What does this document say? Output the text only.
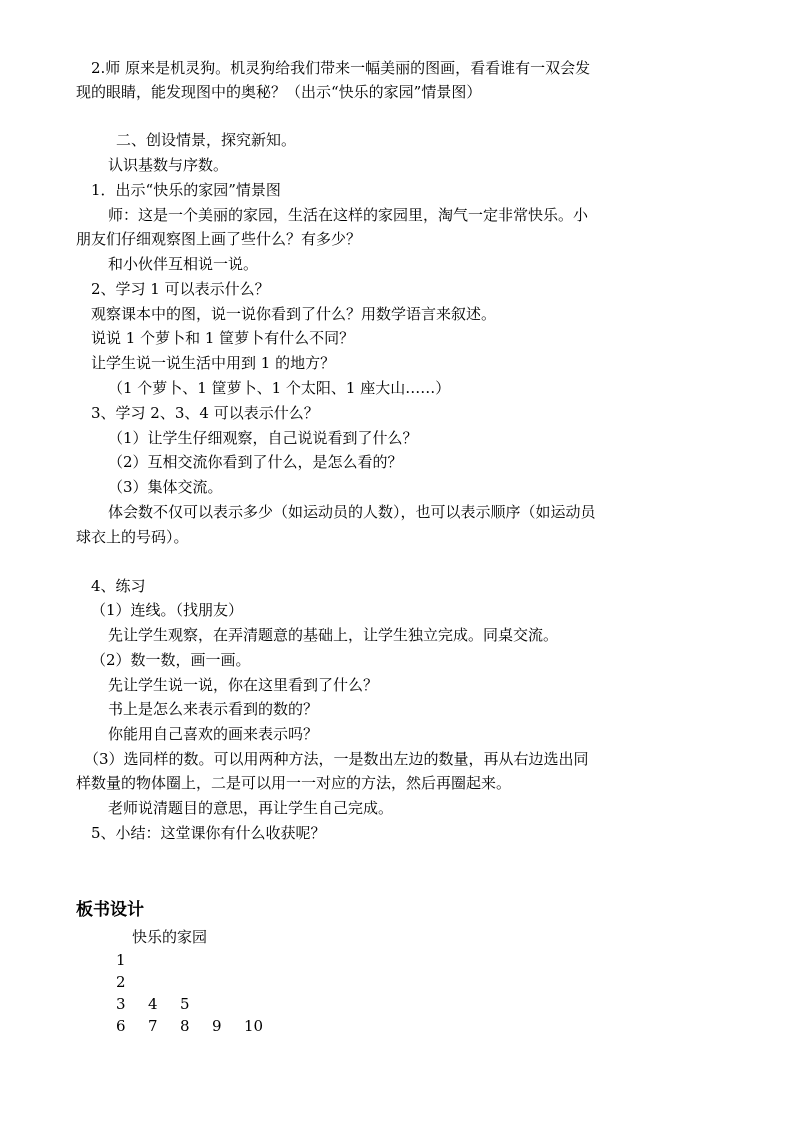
2.师 原来是机灵狗。机灵狗给我们带来一幅美丽的图画，看看谁有一双会发
现的眼睛，能发现图中的奥秘？（出示“快乐的家园”情景图）
二、创设情景，探究新知。
认识基数与序数。
1．出示“快乐的家园”情景图
师：这是一个美丽的家园，生活在这样的家园里，淘气一定非常快乐。小
朋友们仔细观察图上画了些什么？有多少？
和小伙伴互相说一说。
2、学习 1 可以表示什么？
观察课本中的图，说一说你看到了什么？用数学语言来叙述。
说说 1 个萝卜和 1 筐萝卜有什么不同？
让学生说一说生活中用到 1 的地方？
（1 个萝卜、1 筐萝卜、1 个太阳、1 座大山……）
3、学习 2、3、4 可以表示什么？
（1）让学生仔细观察，自己说说看到了什么？
（2）互相交流你看到了什么，是怎么看的？
（3）集体交流。
体会数不仅可以表示多少（如运动员的人数），也可以表示顺序（如运动员
球衣上的号码）。
4、练习
（1）连线。（找朋友）
先让学生观察，在弄清题意的基础上，让学生独立完成。同桌交流。
（2）数一数，画一画。
先让学生说一说，你在这里看到了什么？
书上是怎么来表示看到的数的？
你能用自己喜欢的画来表示吗？
（3）选同样的数。可以用两种方法，一是数出左边的数量，再从右边选出同
样数量的物体圈上，二是可以用一一对应的方法，然后再圈起来。
老师说清题目的意思，再让学生自己完成。
5、小结：这堂课你有什么收获呢？
板书设计
快乐的家园
1
2
3 4 5
6 7 8 9 10
